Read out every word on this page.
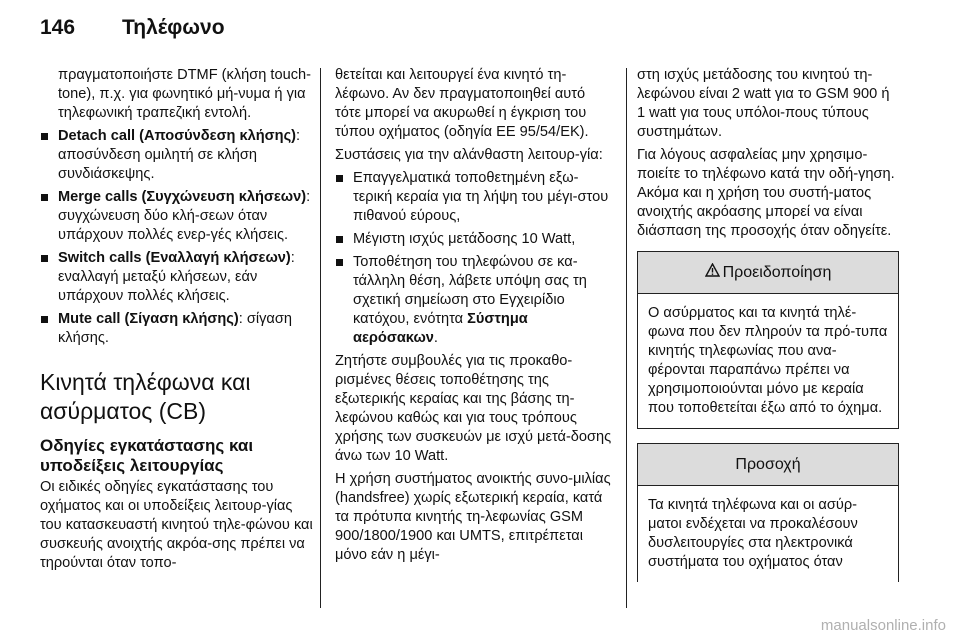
146	Τηλέφωνο

πραγματοποιήστε DTMF (κλήση touch-tone), π.χ. για φωνητικό μή-νυμα ή για τηλεφωνική τραπεζική εντολή.

Detach call (Αποσύνδεση κλήσης): αποσύνδεση ομιλητή σε κλήση συνδιάσκεψης.
Merge calls (Συγχώνευση κλήσεων): συγχώνευση δύο κλή-σεων όταν υπάρχουν πολλές ενερ-γές κλήσεις.
Switch calls (Εναλλαγή κλήσεων): εναλλαγή μεταξύ κλήσεων, εάν υπάρχουν πολλές κλήσεις.
Mute call (Σίγαση κλήσης): σίγαση κλήσης.
Κινητά τηλέφωνα και ασύρματος (CB)
Οδηγίες εγκατάστασης και υποδείξεις λειτουργίας

Οι ειδικές οδηγίες εγκατάστασης του οχήματος και οι υποδείξεις λειτουρ-γίας του κατασκευαστή κινητού τηλε-φώνου και συσκευής ανοιχτής ακρόα-σης πρέπει να τηρούνται όταν τοπο-

θετείται και λειτουργεί ένα κινητό τη-λέφωνο. Αν δεν πραγματοποιηθεί αυτό τότε μπορεί να ακυρωθεί η έγκριση του τύπου οχήματος (οδηγία ΕΕ 95/54/ΕΚ).

Συστάσεις για την αλάνθαστη λειτουρ-γία:

Επαγγελματικά τοποθετημένη εξω-τερική κεραία για τη λήψη του μέγι-στου πιθανού εύρους,
Μέγιστη ισχύς μετάδοσης 10 Watt,
Τοποθέτηση του τηλεφώνου σε κα-τάλληλη θέση, λάβετε υπόψη σας τη σχετική σημείωση στο Εγχειρίδιο κατόχου, ενότητα Σύστημα αερόσακων.

Ζητήστε συμβουλές για τις προκαθο-ρισμένες θέσεις τοποθέτησης της εξωτερικής κεραίας και της βάσης τη-λεφώνου καθώς και για τους τρόπους χρήσης των συσκευών με ισχύ μετά-δοσης άνω των 10 Watt.

Η χρήση συστήματος ανοικτής συνο-μιλίας (handsfree) χωρίς εξωτερική κεραία, κατά τα πρότυπα κινητής τη-λεφωνίας GSM 900/1800/1900 και UMTS, επιτρέπεται μόνο εάν η μέγι-

στη ισχύς μετάδοσης του κινητού τη-λεφώνου είναι 2 watt για το GSM 900 ή 1 watt για τους υπόλοι-πους τύπους συστημάτων.

Για λόγους ασφαλείας μην χρησιμο-ποιείτε το τηλέφωνο κατά την οδή-γηση. Ακόμα και η χρήση του συστή-ματος ανοιχτής ακρόασης μπορεί να είναι διάσπαση της προσοχής όταν οδηγείτε.

Προειδοποίηση
Ο ασύρματος και τα κινητά τηλέ-φωνα που δεν πληρούν τα πρό-τυπα κινητής τηλεφωνίας που ανα-φέρονται παραπάνω πρέπει να χρησιμοποιούνται μόνο με κεραία που τοποθετείται έξω από το όχημα.
Προσοχή
Τα κινητά τηλέφωνα και οι ασύρ-ματοι ενδέχεται να προκαλέσουν δυσλειτουργίες στα ηλεκτρονικά συστήματα του οχήματος όταν
manualsonline.info
